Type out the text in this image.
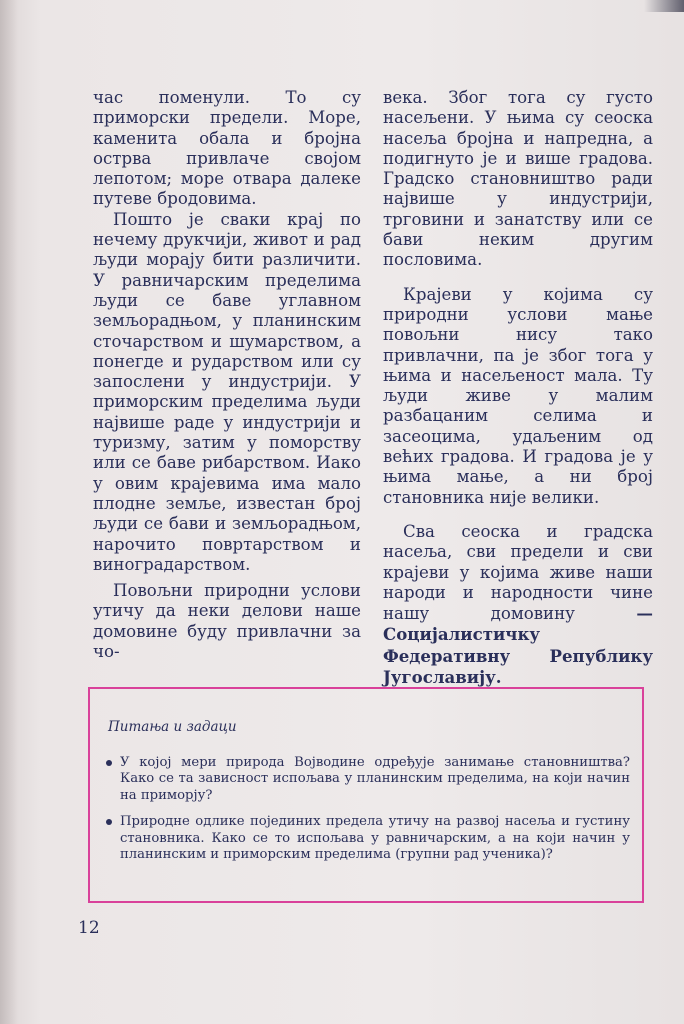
час поменули. То су приморски предели. Море, каменита обала и бројна острва привлаче својом лепотом; море отвара далеке путеве бродовима.

Пошто је сваки крај по нечему друкчији, живот и рад људи морају бити различити. У равничарским пределима људи се баве углавном земљорадњом, у планинским сточарством и шумарством, а понегде и рударством или су запослени у индустрији. У приморским пределима људи највише раде у индустрији и туризму, затим у поморству или се баве рибарством. Иако у овим крајевима има мало плодне земље, известан број људи се бави и земљорадњом, нарочито повртарством и виноградарством.

Повољни природни услови утичу да неки делови наше домовине буду привлачни за чо-

века. Због тога су густо насељени. У њима су сеоска насеља бројна и напредна, а подигнуто је и више градова. Градско становништво ради највише у индустрији, трговини и занатству или се бави неким другим пословима.

Крајеви у којима су природни услови мање повољни нису тако привлачни, па је због тога у њима и насељеност мала. Ту људи живе у малим разбацаним селима и засеоцима, удаљеним од већих градова. И градова је у њима мање, а ни број становника није велики.

Сва сеоска и градска насеља, сви предели и сви крајеви у којима живе наши народи и народности чине нашу домовину — Социјалистичку Федеративну Републику Југославију.

Питања и задаци
У којој мери природа Војводине одређује занимање становништва? Како се та зависност испољава у планинским пределима, на који начин на приморју?
Природне одлике појединих предела утичу на развој насеља и густину становника. Како се то испољава у равничарским, а на који начин у планинским и приморским пределима (групни рад ученика)?
12
